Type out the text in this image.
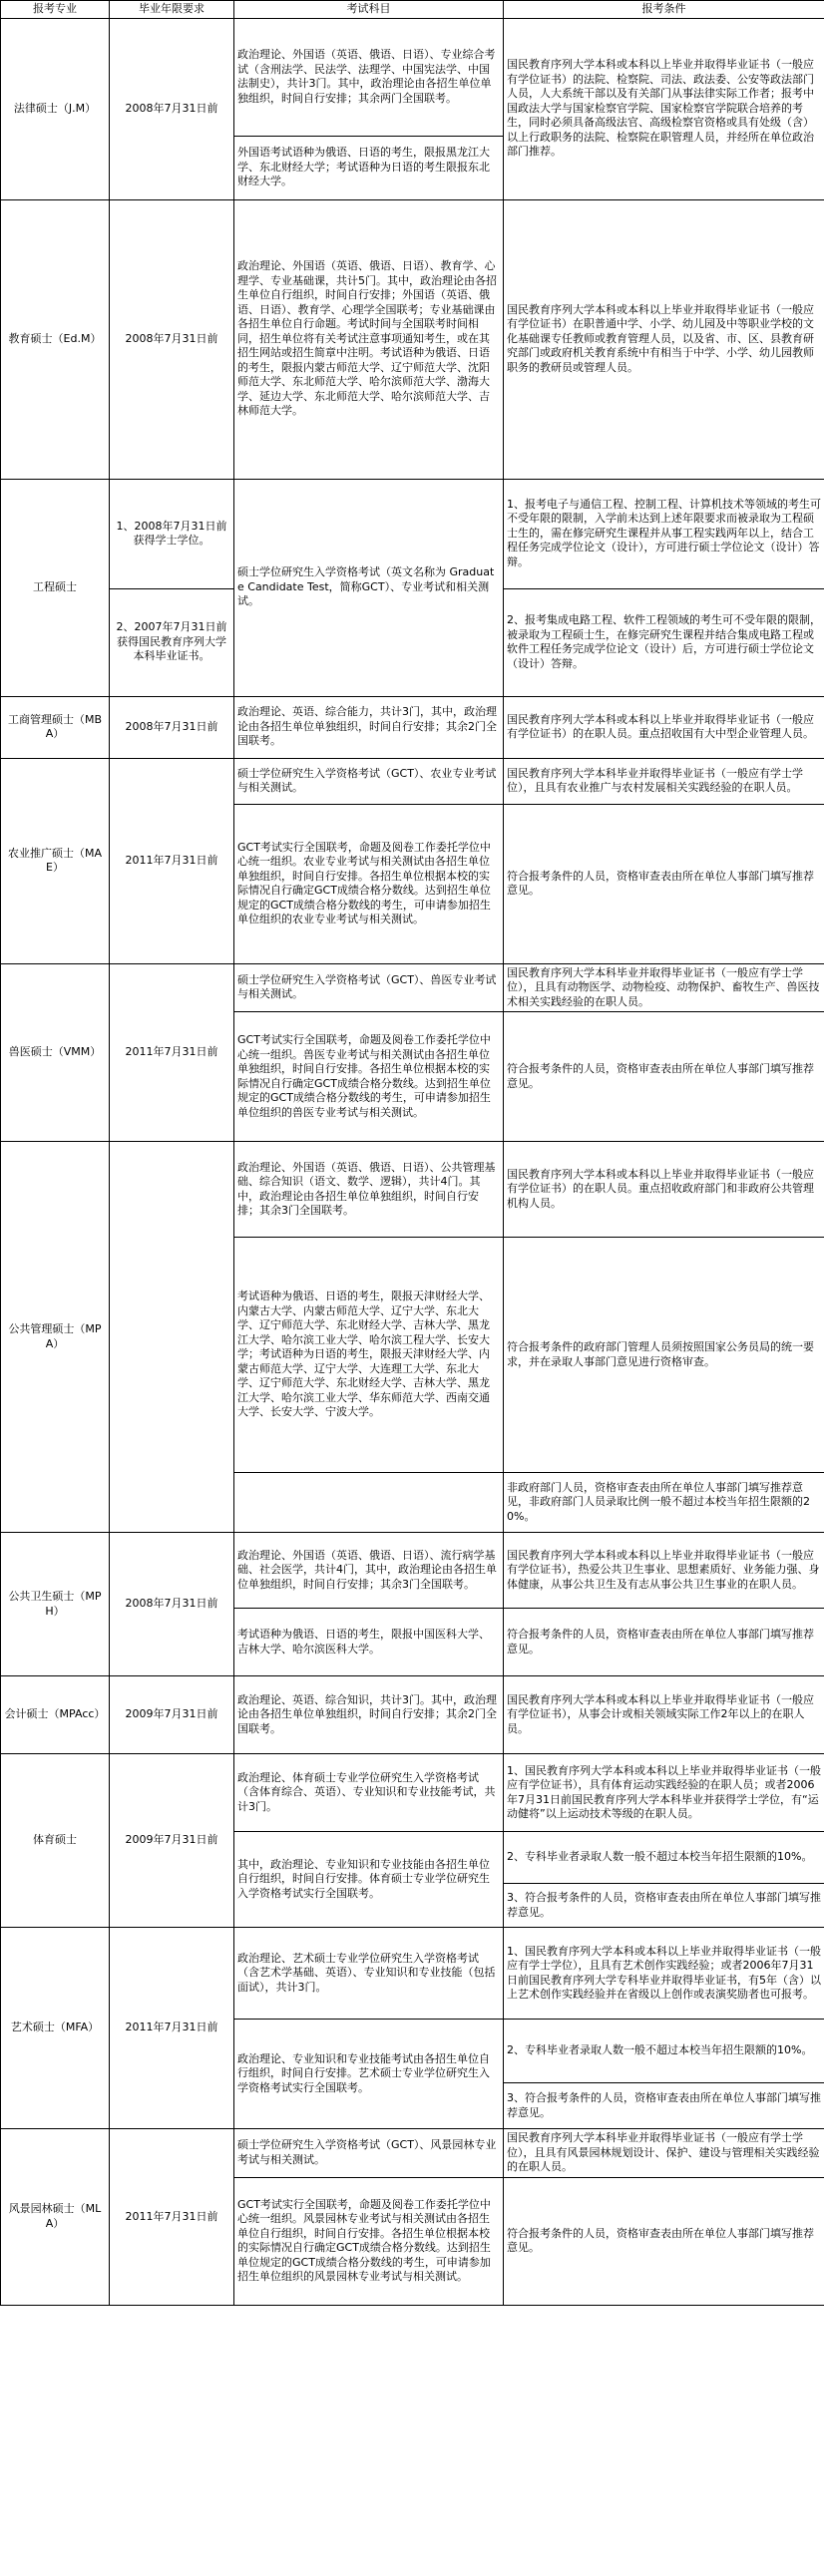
报考专业	毕业年限要求	考试科目	报考条件
法律硕士（J.M）	2008年7月31日前	政治理论、外国语（英语、俄语、日语）、专业综合考试（含刑法学、民法学、法理学、中国宪法学、中国法制史），共计3门。其中，政治理论由各招生单位单独组织，时间自行安排；其余两门全国联考。	国民教育序列大学本科或本科以上毕业并取得毕业证书（一般应有学位证书）的法院、检察院、司法、政法委、公安等政法部门人员，人大系统干部以及有关部门从事法律实际工作者；报考中国政法大学与国家检察官学院、国家检察官学院联合培养的考生，同时必须具备高级法官、高级检察官资格或具有处级（含）以上行政职务的法院、检察院在职管理人员，并经所在单位政治部门推荐。
		外国语考试语种为俄语、日语的考生，限报黑龙江大学、东北财经大学；考试语种为日语的考生限报东北财经大学。	
教育硕士（Ed.M）	2008年7月31日前	政治理论、外国语（英语、俄语、日语）、教育学、心理学、专业基础课，共计5门。其中，政治理论由各招生单位自行组织，时间自行安排；外国语（英语、俄语、日语）、教育学、心理学全国联考；专业基础课由各招生单位自行命题。考试时间与全国联考时间相同，招生单位将有关考试注意事项通知考生，或在其招生网站或招生简章中注明。考试语种为俄语、日语的考生，限报内蒙古师范大学、辽宁师范大学、沈阳师范大学、东北师范大学、哈尔滨师范大学、渤海大学、延边大学、东北师范大学、哈尔滨师范大学、吉林师范大学。	国民教育序列大学本科或本科以上毕业并取得毕业证书（一般应有学位证书）在职普通中学、小学、幼儿园及中等职业学校的文化基础课专任教师或教育管理人员，以及省、市、区、县教育研究部门或政府机关教育系统中有相当于中学、小学、幼儿园教师职务的教研员或管理人员。
工程硕士	1、2008年7月31日前获得学士学位。	硕士学位研究生入学资格考试（英文名称为 Graduate Candidate Test，简称GCT）、专业考试和相关测试。	1、报考电子与通信工程、控制工程、计算机技术等领域的考生可不受年限的限制，入学前未达到上述年限要求而被录取为工程硕士生的，需在修完研究生课程并从事工程实践两年以上，结合工程任务完成学位论文（设计），方可进行硕士学位论文（设计）答辩。
	2、2007年7月31日前获得国民教育序列大学本科毕业证书。		2、报考集成电路工程、软件工程领域的考生可不受年限的限制，被录取为工程硕士生，在修完研究生课程并结合集成电路工程或软件工程任务完成学位论文（设计）后，方可进行硕士学位论文（设计）答辩。
工商管理硕士（MBA）	2008年7月31日前	政治理论、英语、综合能力，共计3门，其中，政治理论由各招生单位单独组织，时间自行安排；其余2门全国联考。	国民教育序列大学本科或本科以上毕业并取得毕业证书（一般应有学位证书）的在职人员。重点招收国有大中型企业管理人员。
农业推广硕士（MAE）	2011年7月31日前	硕士学位研究生入学资格考试（GCT）、农业专业考试与相关测试。	国民教育序列大学本科毕业并取得毕业证书（一般应有学士学位），且具有农业推广与农村发展相关实践经验的在职人员。
		GCT考试实行全国联考，命题及阅卷工作委托学位中心统一组织。农业专业考试与相关测试由各招生单位单独组织，时间自行安排。各招生单位根据本校的实际情况自行确定GCT成绩合格分数线。达到招生单位规定的GCT成绩合格分数线的考生，可申请参加招生单位组织的农业专业考试与相关测试。	符合报考条件的人员，资格审查表由所在单位人事部门填写推荐意见。
兽医硕士（VMM）	2011年7月31日前	硕士学位研究生入学资格考试（GCT）、兽医专业考试与相关测试。	国民教育序列大学本科毕业并取得毕业证书（一般应有学士学位），且具有动物医学、动物检疫、动物保护、畜牧生产、兽医技术相关实践经验的在职人员。
		GCT考试实行全国联考，命题及阅卷工作委托学位中心统一组织。兽医专业考试与相关测试由各招生单位单独组织，时间自行安排。各招生单位根据本校的实际情况自行确定GCT成绩合格分数线。达到招生单位规定的GCT成绩合格分数线的考生，可申请参加招生单位组织的兽医专业考试与相关测试。	符合报考条件的人员，资格审查表由所在单位人事部门填写推荐意见。
公共管理硕士（MPA）		政治理论、外国语（英语、俄语、日语）、公共管理基础、综合知识（语文、数学、逻辑），共计4门。其中，政治理论由各招生单位单独组织，时间自行安排；其余3门全国联考。	国民教育序列大学本科或本科以上毕业并取得毕业证书（一般应有学位证书）的在职人员。重点招收政府部门和非政府公共管理机构人员。
		考试语种为俄语、日语的考生，限报天津财经大学、内蒙古大学、内蒙古师范大学、辽宁大学、东北大学、辽宁师范大学、东北财经大学、吉林大学、黑龙江大学、哈尔滨工业大学、哈尔滨工程大学、长安大学；考试语种为日语的考生，限报天津财经大学、内蒙古师范大学、辽宁大学、大连理工大学、东北大学、辽宁师范大学、东北财经大学、吉林大学、黑龙江大学、哈尔滨工业大学、华东师范大学、西南交通大学、长安大学、宁波大学。	符合报考条件的政府部门管理人员须按照国家公务员局的统一要求，并在录取人事部门意见进行资格审查。
			非政府部门人员，资格审查表由所在单位人事部门填写推荐意见，非政府部门人员录取比例一般不超过本校当年招生限额的20%。
公共卫生硕士（MPH）	2008年7月31日前	政治理论、外国语（英语、俄语、日语）、流行病学基础、社会医学，共计4门，其中，政治理论由各招生单位单独组织，时间自行安排；其余3门全国联考。	国民教育序列大学本科或本科以上毕业并取得毕业证书（一般应有学位证书），热爱公共卫生事业、思想素质好、业务能力强、身体健康，从事公共卫生及有志从事公共卫生事业的在职人员。
		考试语种为俄语、日语的考生，限报中国医科大学、吉林大学、哈尔滨医科大学。	符合报考条件的人员，资格审查表由所在单位人事部门填写推荐意见。
会计硕士（MPAcc）	2009年7月31日前	政治理论、英语、综合知识，共计3门。其中，政治理论由各招生单位单独组织，时间自行安排；其余2门全国联考。	国民教育序列大学本科或本科以上毕业并取得毕业证书（一般应有学位证书），从事会计或相关领域实际工作2年以上的在职人员。
体育硕士	2009年7月31日前	政治理论、体育硕士专业学位研究生入学资格考试（含体育综合、英语）、专业知识和专业技能考试，共计3门。	1、国民教育序列大学本科或本科以上毕业并取得毕业证书（一般应有学位证书），具有体育运动实践经验的在职人员；或者2006年7月31日前国民教育序列大学本科毕业并获得学士学位，有“运动健将”以上运动技术等级的在职人员。
		其中，政治理论、专业知识和专业技能由各招生单位自行组织，时间自行安排。体育硕士专业学位研究生入学资格考试实行全国联考。	2、专科毕业者录取人数一般不超过本校当年招生限额的10%。
			3、符合报考条件的人员，资格审查表由所在单位人事部门填写推荐意见。
艺术硕士（MFA）	2011年7月31日前	政治理论、艺术硕士专业学位研究生入学资格考试（含艺术学基础、英语）、专业知识和专业技能（包括面试），共计3门。	1、国民教育序列大学本科或本科以上毕业并取得毕业证书（一般应有学士学位），且具有艺术创作实践经验；或者2006年7月31日前国民教育序列大学专科毕业并取得毕业证书，有5年（含）以上艺术创作实践经验并在省级以上创作或表演奖励者也可报考。
		政治理论、专业知识和专业技能考试由各招生单位自行组织，时间自行安排。艺术硕士专业学位研究生入学资格考试实行全国联考。	2、专科毕业者录取人数一般不超过本校当年招生限额的10%。
			3、符合报考条件的人员，资格审查表由所在单位人事部门填写推荐意见。
风景园林硕士（MLA）	2011年7月31日前	硕士学位研究生入学资格考试（GCT）、风景园林专业考试与相关测试。	国民教育序列大学本科毕业并取得毕业证书（一般应有学士学位），且具有风景园林规划设计、保护、建设与管理相关实践经验的在职人员。
		GCT考试实行全国联考，命题及阅卷工作委托学位中心统一组织。风景园林专业考试与相关测试由各招生单位自行组织，时间自行安排。各招生单位根据本校的实际情况自行确定GCT成绩合格分数线。达到招生单位规定的GCT成绩合格分数线的考生，可申请参加招生单位组织的风景园林专业考试与相关测试。	符合报考条件的人员，资格审查表由所在单位人事部门填写推荐意见。
